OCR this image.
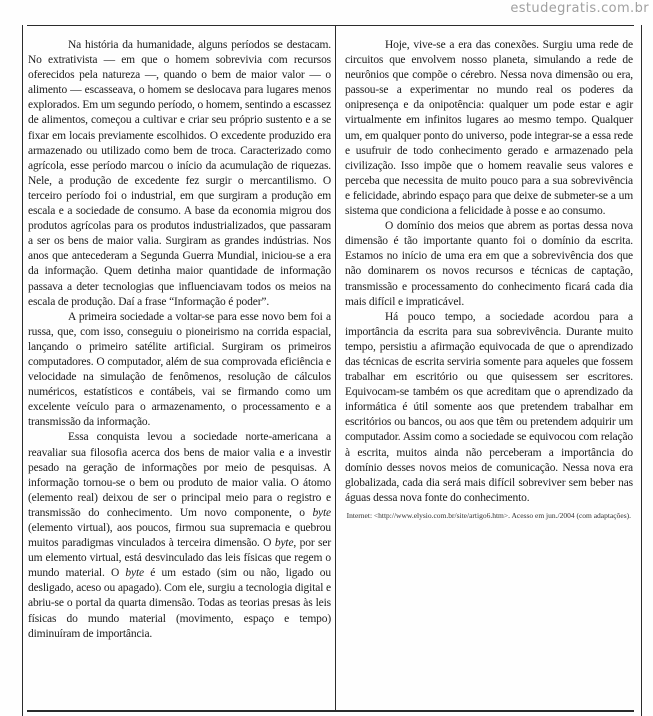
estudegratis.com.br

Na história da humanidade, alguns períodos se destacam. No extrativista — em que o homem sobrevivia com recursos oferecidos pela natureza —, quando o bem de maior valor — o alimento — escasseava, o homem se deslocava para lugares menos explorados. Em um segundo período, o homem, sentindo a escassez de alimentos, começou a cultivar e criar seu próprio sustento e a se fixar em locais previamente escolhidos. O excedente produzido era armazenado ou utilizado como bem de troca. Caracterizado como agrícola, esse período marcou o início da acumulação de riquezas. Nele, a produção de excedente fez surgir o mercantilismo. O terceiro período foi o industrial, em que surgiram a produção em escala e a sociedade de consumo. A base da economia migrou dos produtos agrícolas para os produtos industrializados, que passaram a ser os bens de maior valia. Surgiram as grandes indústrias. Nos anos que antecederam a Segunda Guerra Mundial, iniciou-se a era da informação. Quem detinha maior quantidade de informação passava a deter tecnologias que influenciavam todos os meios na escala de produção. Daí a frase “Informação é poder”.

A primeira sociedade a voltar-se para esse novo bem foi a russa, que, com isso, conseguiu o pioneirismo na corrida espacial, lançando o primeiro satélite artificial. Surgiram os primeiros computadores. O computador, além de sua comprovada eficiência e velocidade na simulação de fenômenos, resolução de cálculos numéricos, estatísticos e contábeis, vai se firmando como um excelente veículo para o armazenamento, o processamento e a transmissão da informação.

Essa conquista levou a sociedade norte-americana a reavaliar sua filosofia acerca dos bens de maior valia e a investir pesado na geração de informações por meio de pesquisas. A informação tornou-se o bem ou produto de maior valia. O átomo (elemento real) deixou de ser o principal meio para o registro e transmissão do conhecimento. Um novo componente, o byte (elemento virtual), aos poucos, firmou sua supremacia e quebrou muitos paradigmas vinculados à terceira dimensão. O byte, por ser um elemento virtual, está desvinculado das leis físicas que regem o mundo material. O byte é um estado (sim ou não, ligado ou desligado, aceso ou apagado). Com ele, surgiu a tecnologia digital e abriu-se o portal da quarta dimensão. Todas as teorias presas às leis físicas do mundo material (movimento, espaço e tempo) diminuíram de importância.

Hoje, vive-se a era das conexões. Surgiu uma rede de circuitos que envolvem nosso planeta, simulando a rede de neurônios que compõe o cérebro. Nessa nova dimensão ou era, passou-se a experimentar no mundo real os poderes da onipresença e da onipotência: qualquer um pode estar e agir virtualmente em infinitos lugares ao mesmo tempo. Qualquer um, em qualquer ponto do universo, pode integrar-se a essa rede e usufruir de todo conhecimento gerado e armazenado pela civilização. Isso impõe que o homem reavalie seus valores e perceba que necessita de muito pouco para a sua sobrevivência e felicidade, abrindo espaço para que deixe de submeter-se a um sistema que condiciona a felicidade à posse e ao consumo.

O domínio dos meios que abrem as portas dessa nova dimensão é tão importante quanto foi o domínio da escrita. Estamos no início de uma era em que a sobrevivência dos que não dominarem os novos recursos e técnicas de captação, transmissão e processamento do conhecimento ficará cada dia mais difícil e impraticável.

Há pouco tempo, a sociedade acordou para a importância da escrita para sua sobrevivência. Durante muito tempo, persistiu a afirmação equivocada de que o aprendizado das técnicas de escrita serviria somente para aqueles que fossem trabalhar em escritório ou que quisessem ser escritores. Equivocam-se também os que acreditam que o aprendizado da informática é útil somente aos que pretendem trabalhar em escritórios ou bancos, ou aos que têm ou pretendem adquirir um computador. Assim como a sociedade se equivocou com relação à escrita, muitos ainda não perceberam a importância do domínio desses novos meios de comunicação. Nessa nova era globalizada, cada dia será mais difícil sobreviver sem beber nas águas dessa nova fonte do conhecimento.

Internet: <http://www.elysio.com.br/site/artigo6.htm>. Acesso em jun./2004 (com adaptações).
